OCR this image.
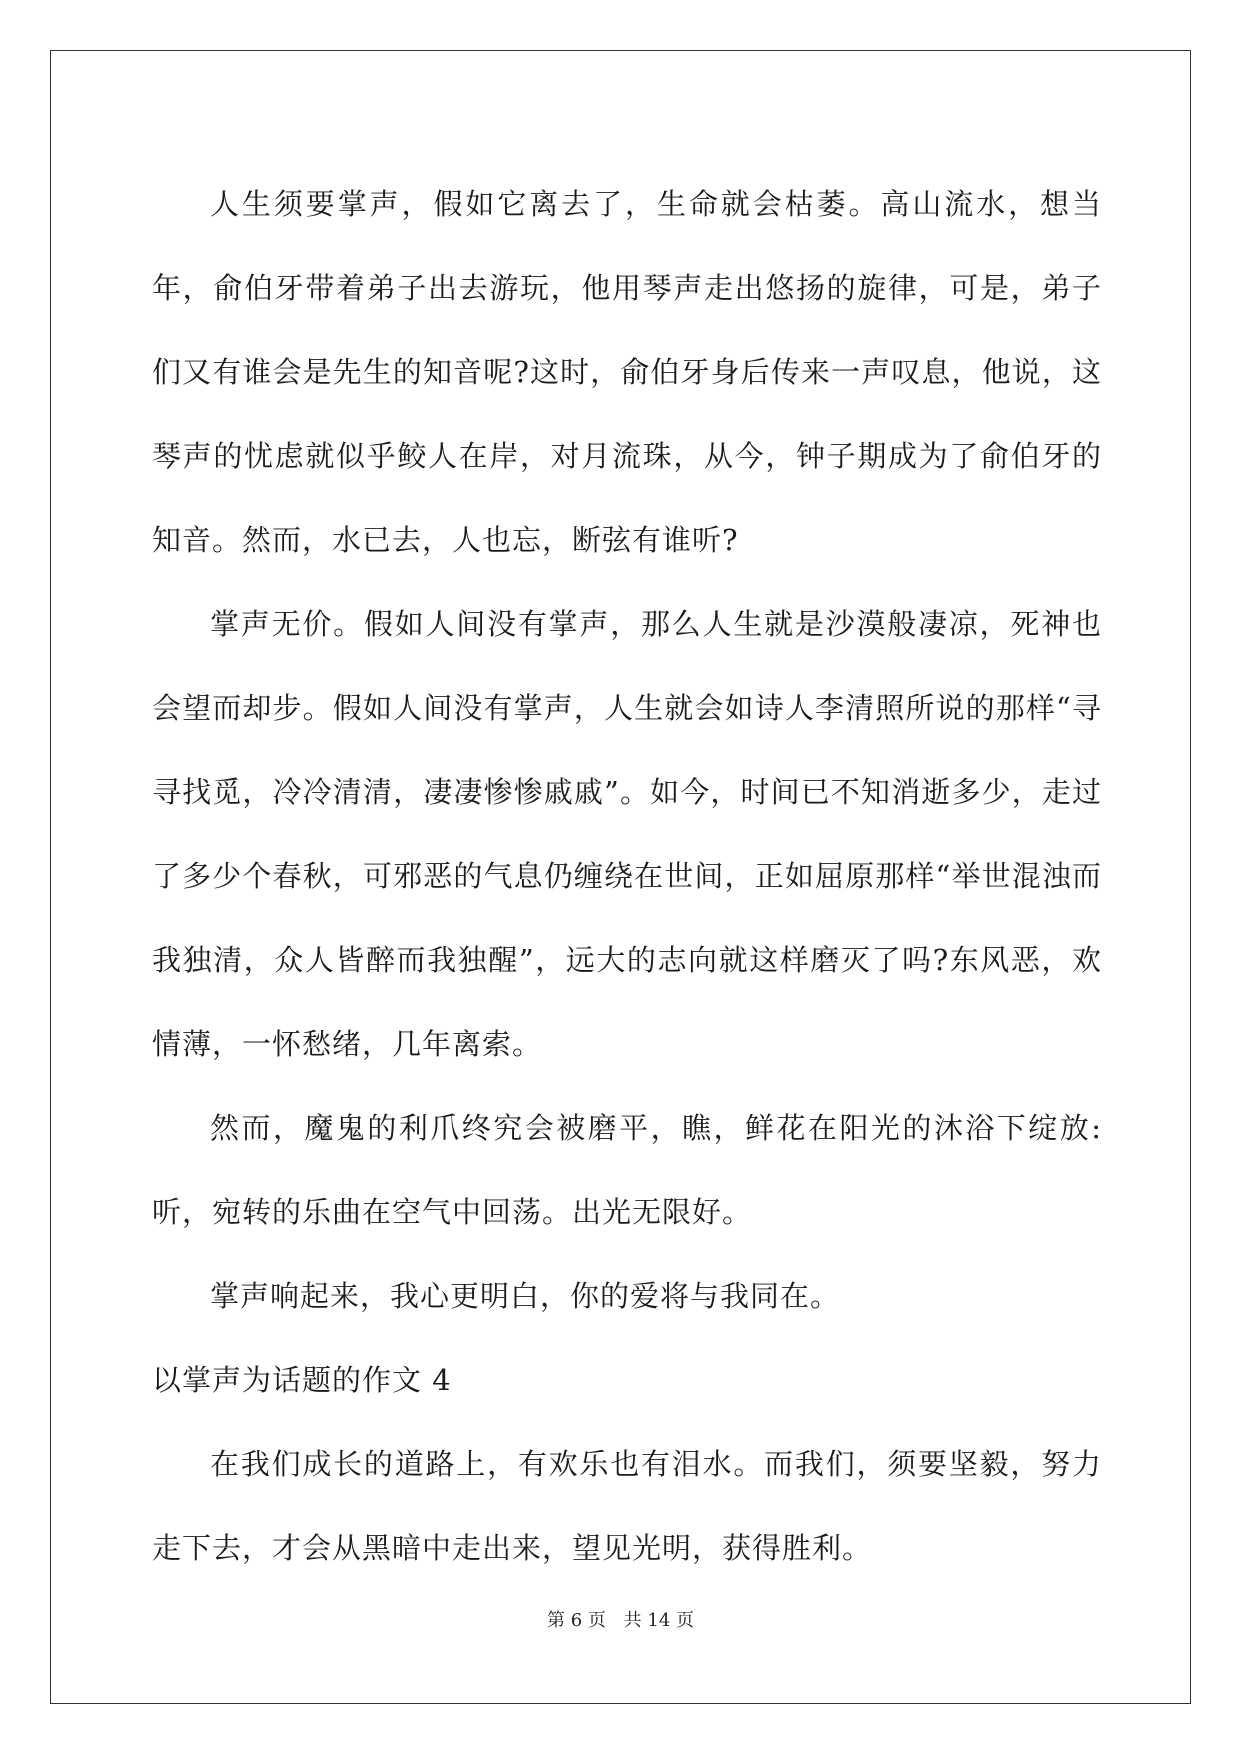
人生须要掌声，假如它离去了，生命就会枯萎。高山流水，想当年，俞伯牙带着弟子出去游玩，他用琴声走出悠扬的旋律，可是，弟子们又有谁会是先生的知音呢?这时，俞伯牙身后传来一声叹息，他说，这琴声的忧虑就似乎鲛人在岸，对月流珠，从今，钟子期成为了俞伯牙的知音。然而，水已去，人也忘，断弦有谁听?

掌声无价。假如人间没有掌声，那么人生就是沙漠般凄凉，死神也会望而却步。假如人间没有掌声，人生就会如诗人李清照所说的那样“寻寻找觅，冷冷清清，凄凄惨惨戚戚”。如今，时间已不知消逝多少，走过了多少个春秋，可邪恶的气息仍缠绕在世间，正如屈原那样“举世混浊而我独清，众人皆醉而我独醒”，远大的志向就这样磨灭了吗?东风恶，欢情薄，一怀愁绪，几年离索。

然而，魔鬼的利爪终究会被磨平，瞧，鲜花在阳光的沐浴下绽放:听，宛转的乐曲在空气中回荡。出光无限好。

掌声响起来，我心更明白，你的爱将与我同在。

以掌声为话题的作文 4

在我们成长的道路上，有欢乐也有泪水。而我们，须要坚毅，努力走下去，才会从黑暗中走出来，望见光明，获得胜利。

第 6 页 共 14 页
